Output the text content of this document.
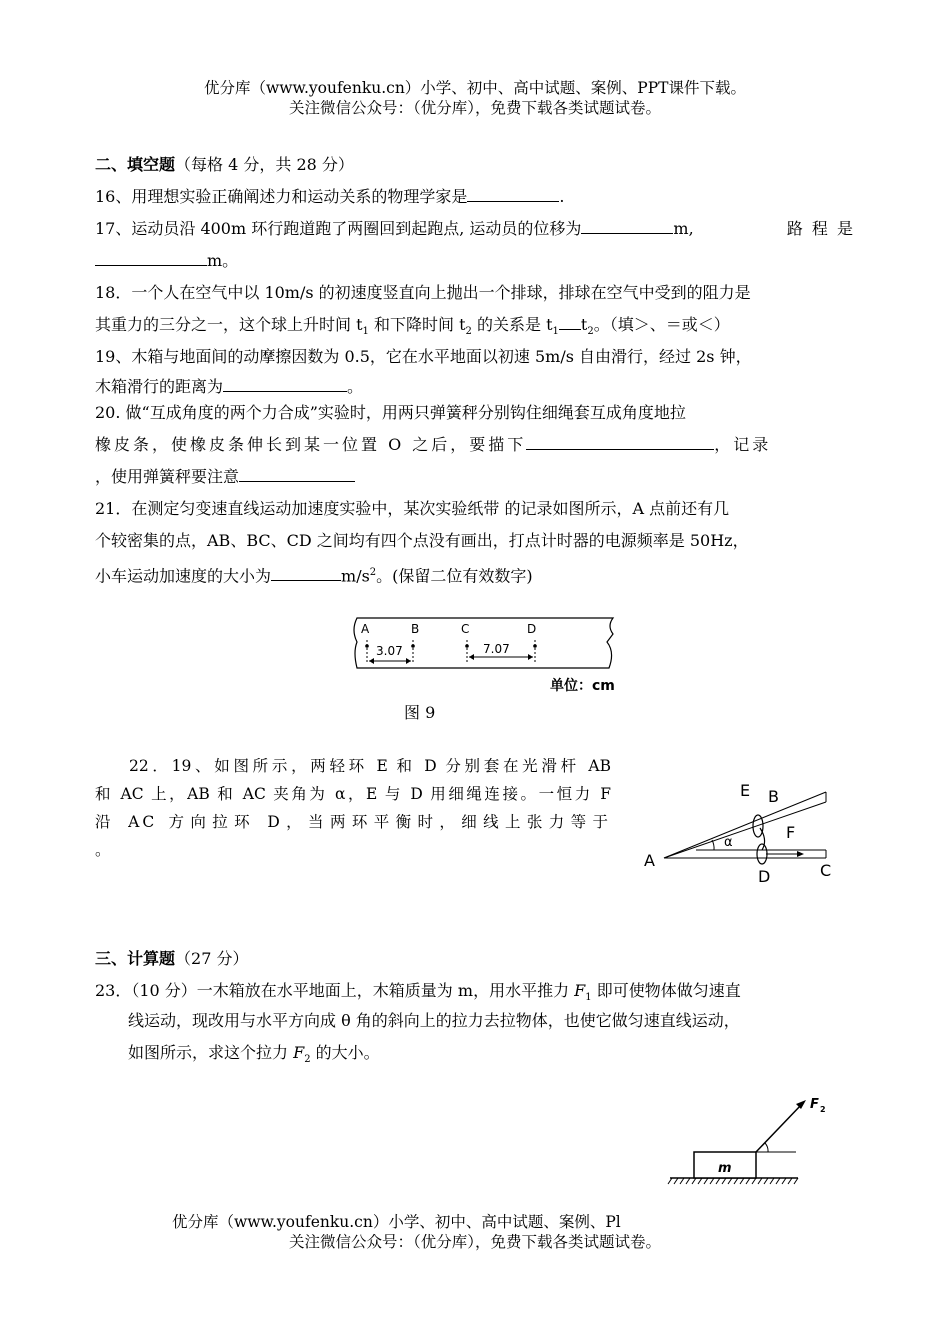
优分库（www.youfenku.cn）小学、初中、高中试题、案例、PPT课件下载。
关注微信公众号：（优分库），免费下载各类试题试卷。
二、填空题（每格 4 分，共 28 分）
16、用理想实验正确阐述力和运动关系的物理学家是	.
17、运动员沿 400m 环行跑道跑了两圈回到起跑点, 运动员的位移为	m,	路 程 是
m。
18．一个人在空气中以 10m/s 的初速度竖直向上抛出一个排球，排球在空气中受到的阻力是
其重力的三分之一，这个球上升时间 $t_1$ 和下降时间 $t_2$ 的关系是 $t_1$ $t_2$。（填＞、＝或＜）
19、木箱与地面间的动摩擦因数为 0.5，它在水平地面以初速 5m/s 自由滑行，经过 2s 钟，
木箱滑行的距离为	。
20. 做“互成角度的两个力合成”实验时，用两只弹簧秤分别钩住细绳套互成角度地拉
橡皮条，使橡皮条伸长到某一位置 O 之后，要描下	，记录
，使用弹簧秤要注意
21．在测定匀变速直线运动加速度实验中，某次实验纸带 的记录如图所示，A 点前还有几
个较密集的点，AB、BC、CD 之间均有四个点没有画出，打点计时器的电源频率是 50Hz，
小车运动加速度的大小为	$m/s^2$。(保留二位有效数字)
A	B	C	D
3.07	7.07
单位：cm
图 9
22．19、如图所示，两轻环 E 和 D 分别套在光滑杆 AB
和 AC 上，AB 和 AC 夹角为 α，E 与 D 用细绳连接。一恒力 F
沿 AC 方向拉环 D，当两环平衡时，细线上张力等于
。
A
B
E
F
α
D	C
三、计算题（27 分）
23．（10 分）一木箱放在水平地面上，木箱质量为 m，用水平推力 $F_1$ 即可使物体做匀速直
线运动，现改用与水平方向成 θ 角的斜向上的拉力去拉物体，也使它做匀速直线运动，
如图所示，求这个拉力 $F_2$ 的大小。
m
F 2
优分库（www.youfenku.cn）小学、初中、高中试题、案例、Pl
关注微信公众号：（优分库），免费下载各类试题试卷。
